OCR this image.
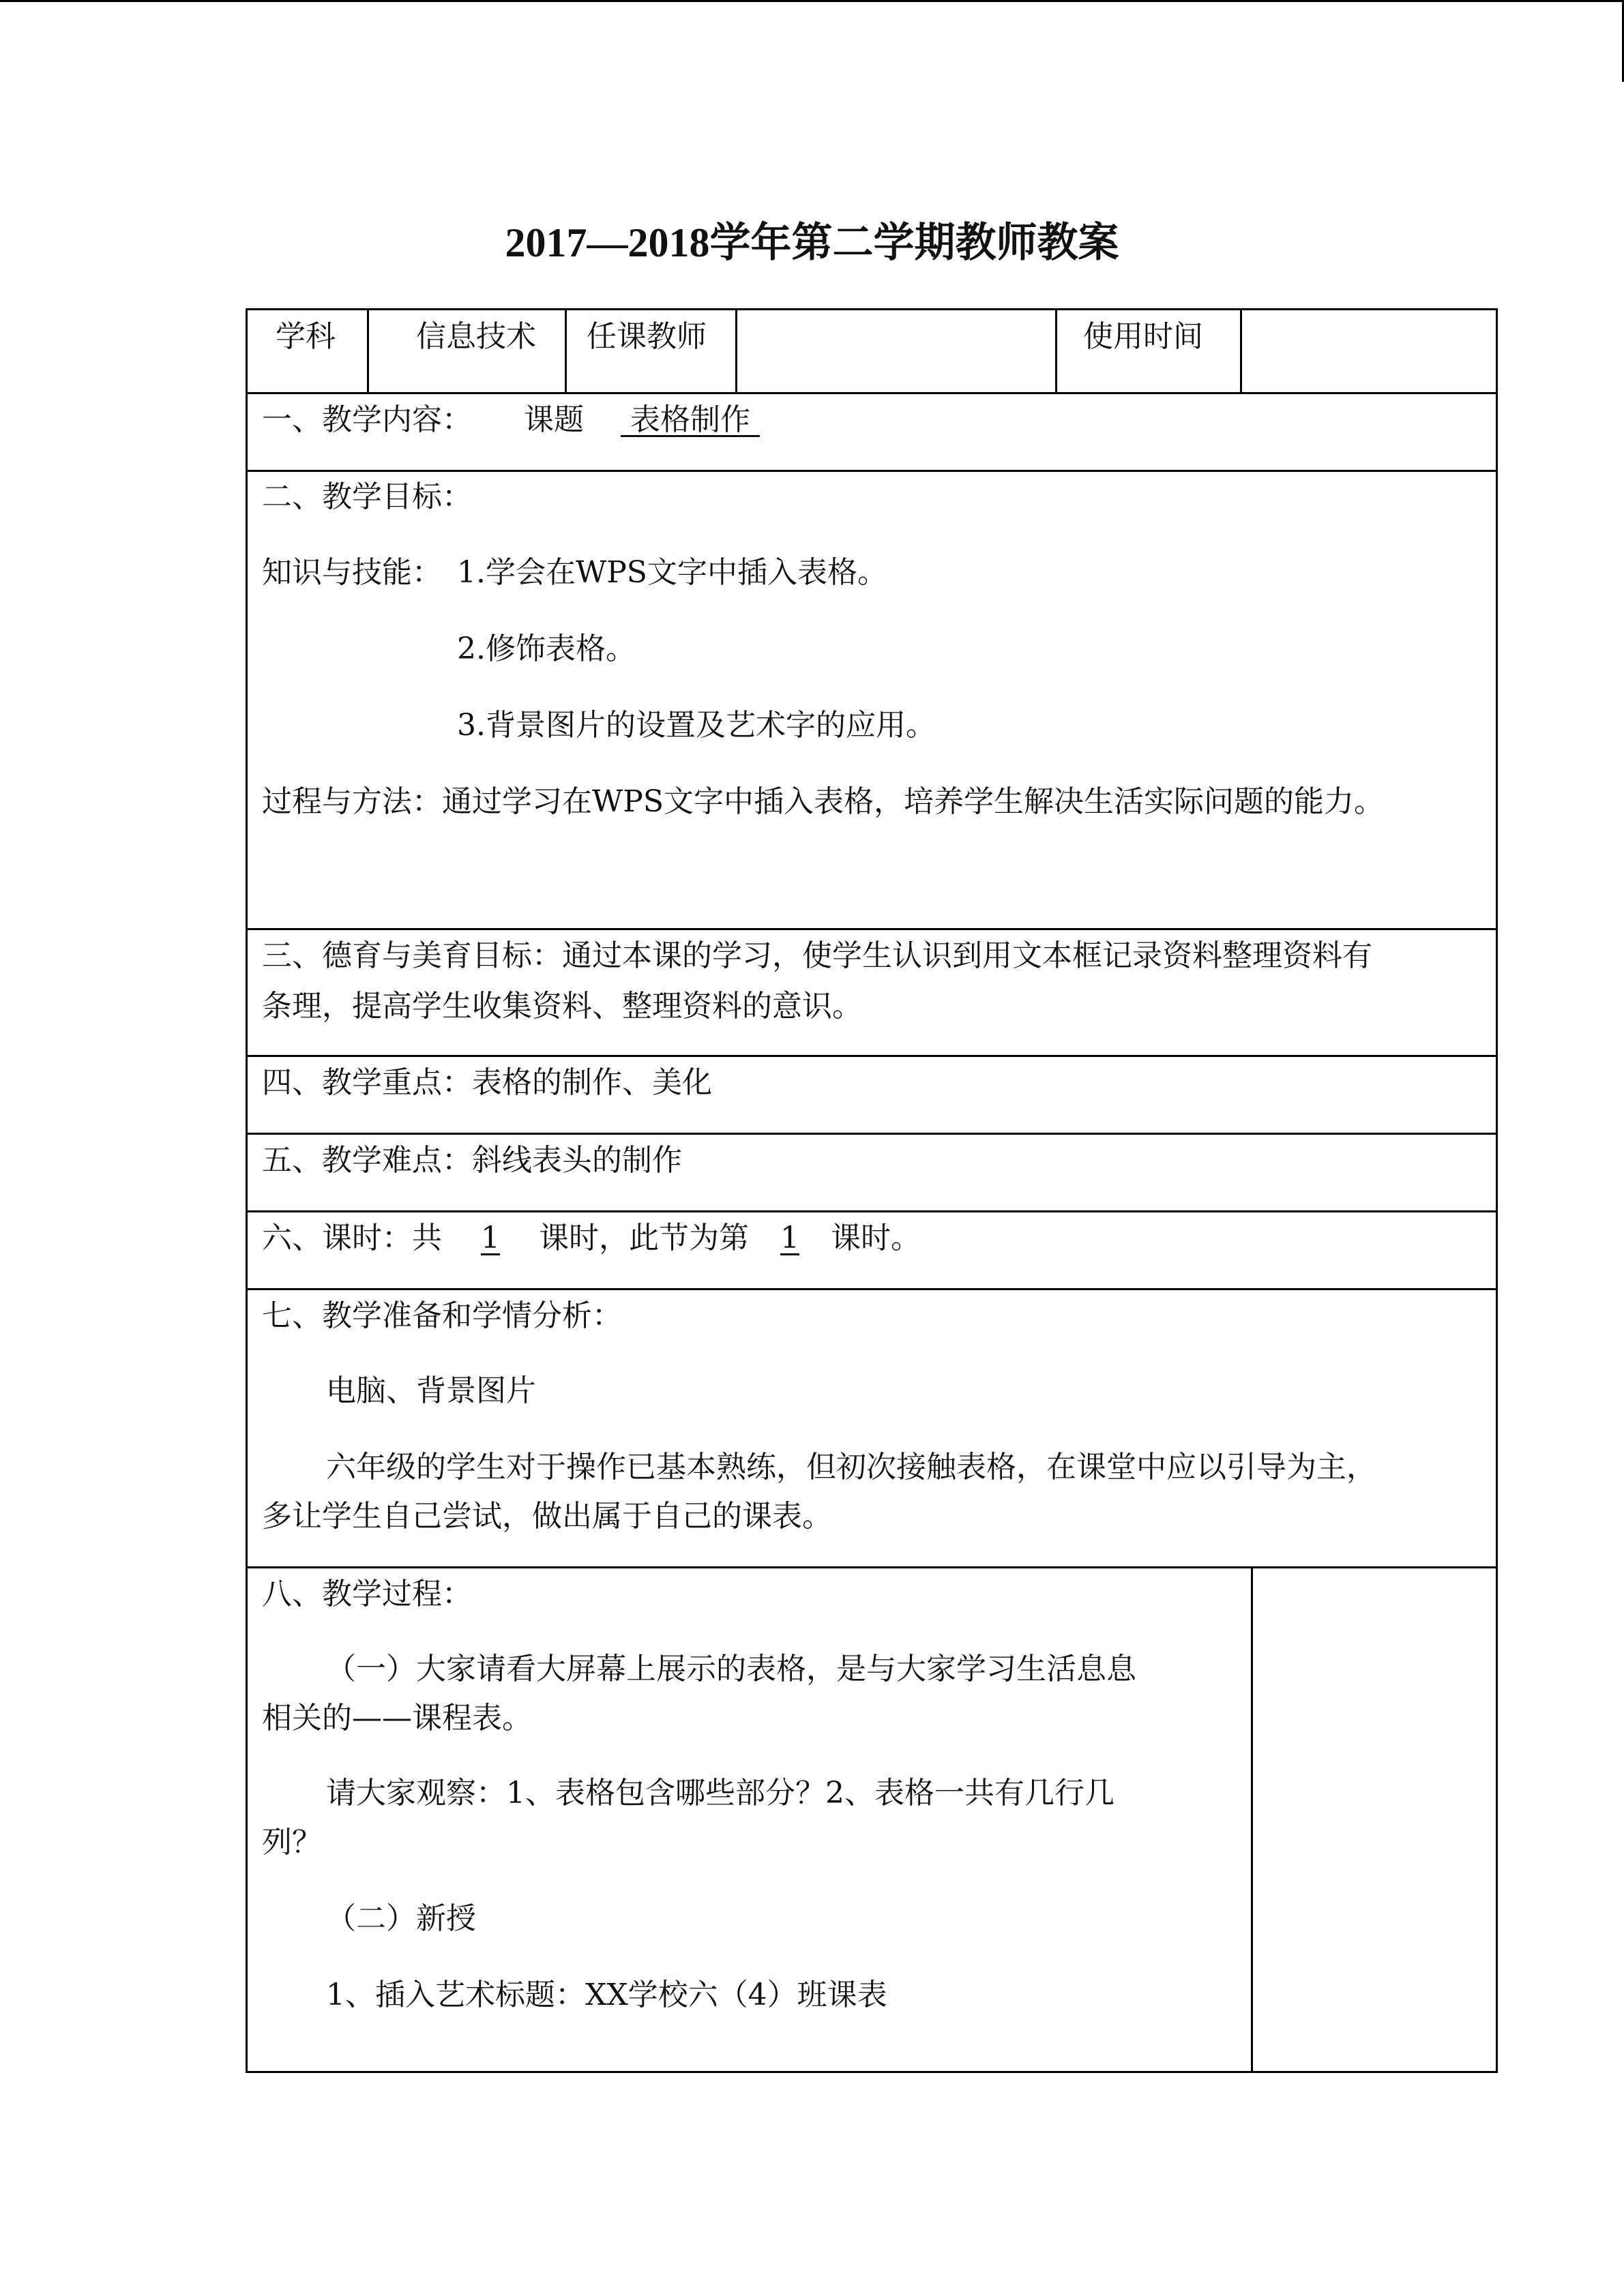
2017—2018学年第二学期教师教案
学科	信息技术 任课教师	使用时间
一、教学内容： 课题 表格制作
二、教学目标：
知识与技能： 1.学会在WPS文字中插入表格。
2.修饰表格。
3.背景图片的设置及艺术字的应用。
过程与方法：通过学习在WPS文字中插入表格，培养学生解决生活实际问题的能力。
三、德育与美育目标：通过本课的学习，使学生认识到用文本框记录资料整理资料有
条理，提高学生收集资料、整理资料的意识。
四、教学重点：表格的制作、美化
五、教学难点：斜线表头的制作
六、课时：共 1 课时，此节为第 1 课时。
七、教学准备和学情分析：
电脑、背景图片
六年级的学生对于操作已基本熟练，但初次接触表格，在课堂中应以引导为主，
多让学生自己尝试，做出属于自己的课表。
八、教学过程：
（一）大家请看大屏幕上展示的表格，是与大家学习生活息息
相关的——课程表。
请大家观察：1、表格包含哪些部分？2、表格一共有几行几
列？
（二）新授
1、插入艺术标题：XX学校六（4）班课表
